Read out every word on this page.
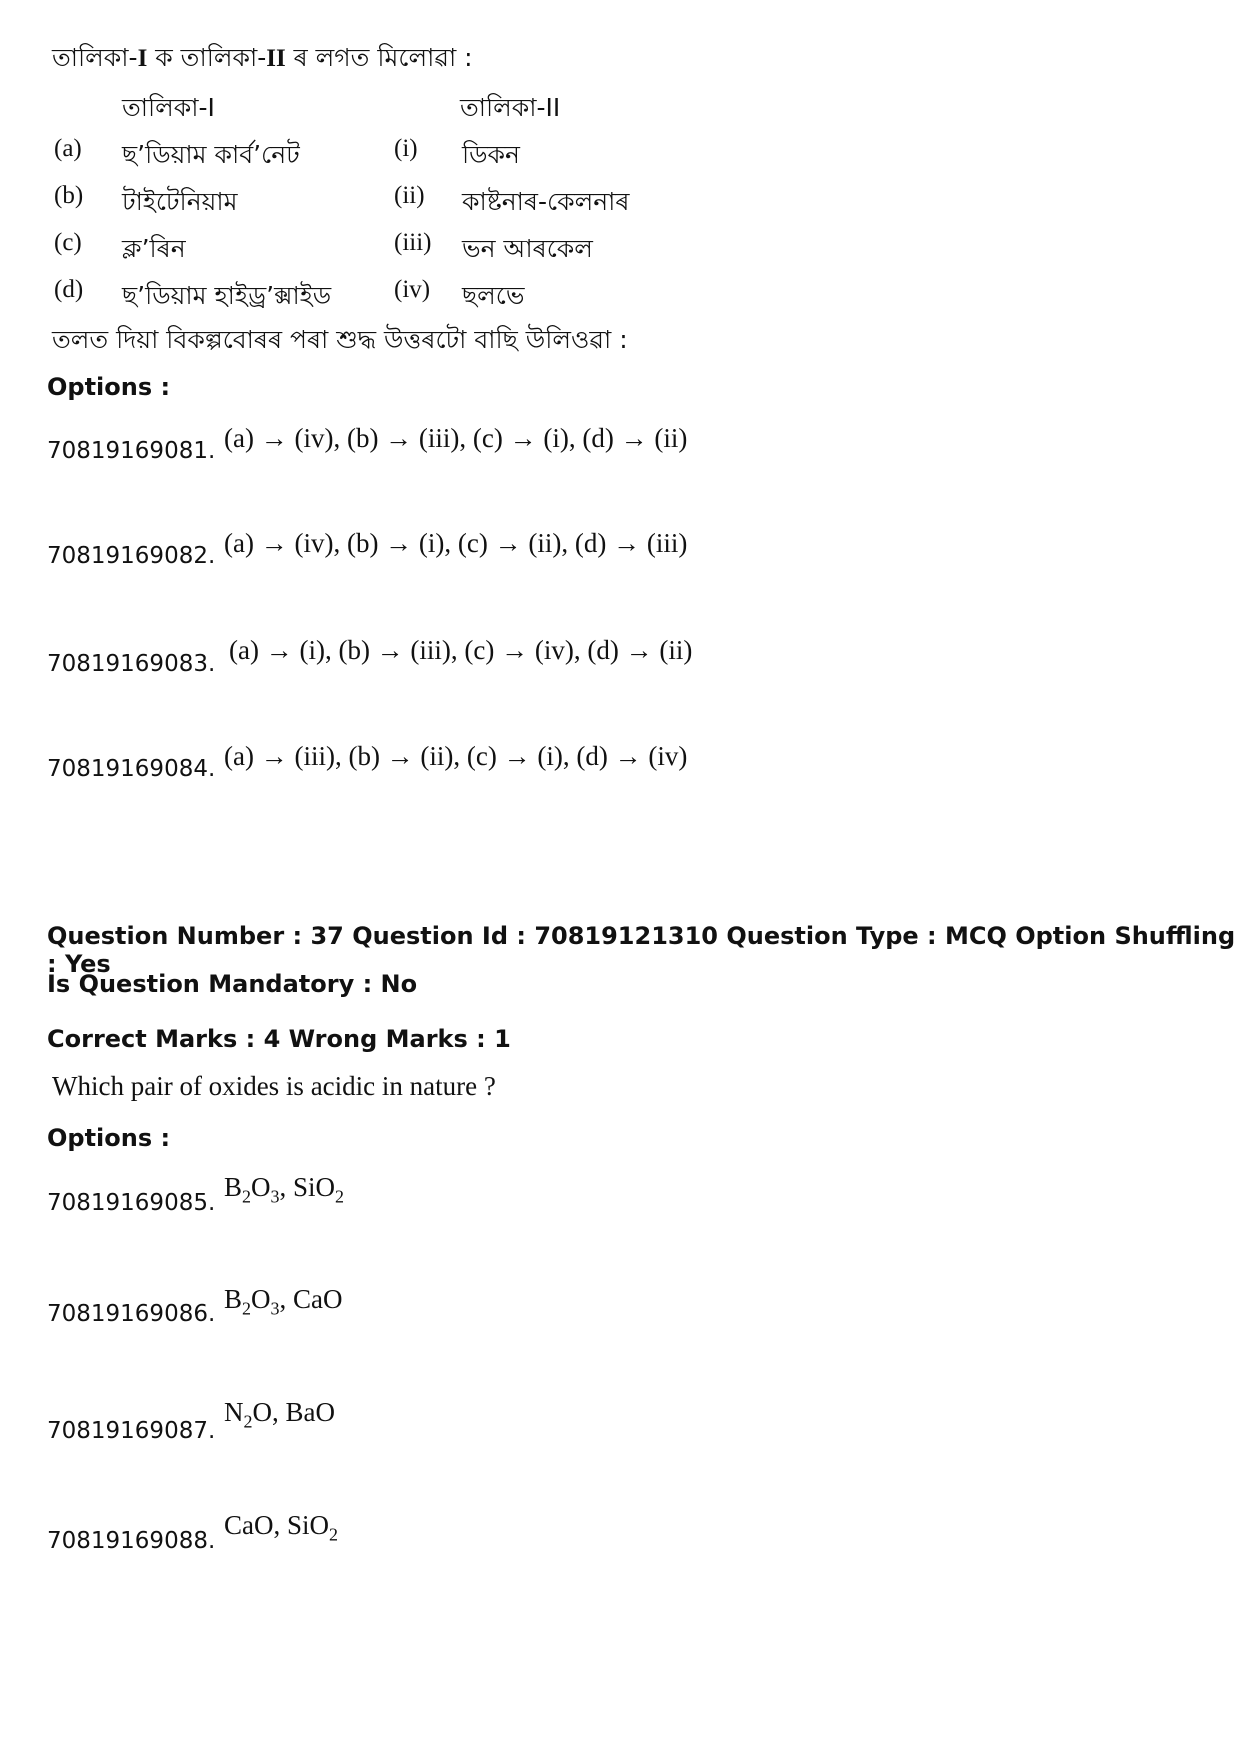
তালিকা-I ক তালিকা-II ৰ লগত মিলোৱা :
তালিকা-I	তালিকা-II
(a) ছ’ডিয়াম কাৰ্ব’নেট	(i) ডিকন
(b) টাইটেনিয়াম	(ii) কাষ্টনাৰ-কেলনাৰ
(c) ক্ল’ৰিন	(iii) ভন আৰকেল
(d) ছ’ডিয়াম হাইড্ৰ’ক্সাইড	(iv) ছলভে
তলত দিয়া বিকল্পবোৰৰ পৰা শুদ্ধ উত্তৰটো বাছি উলিওৱা :
Options :
70819169081. (a) → (iv), (b) → (iii), (c) → (i), (d) → (ii)
70819169082. (a) → (iv), (b) → (i), (c) → (ii), (d) → (iii)
70819169083. (a) → (i), (b) → (iii), (c) → (iv), (d) → (ii)
70819169084. (a) → (iii), (b) → (ii), (c) → (i), (d) → (iv)
Question Number : 37 Question Id : 70819121310 Question Type : MCQ Option Shuffling : Yes
Is Question Mandatory : No
Correct Marks : 4 Wrong Marks : 1
Which pair of oxides is acidic in nature ?
Options :
70819169085.
$B_2O_3$, SiO$_2$
70819169086. $B_2O_3$, CaO
70819169087.
$N_2O$, BaO
70819169088.
CaO, SiO$_2$
